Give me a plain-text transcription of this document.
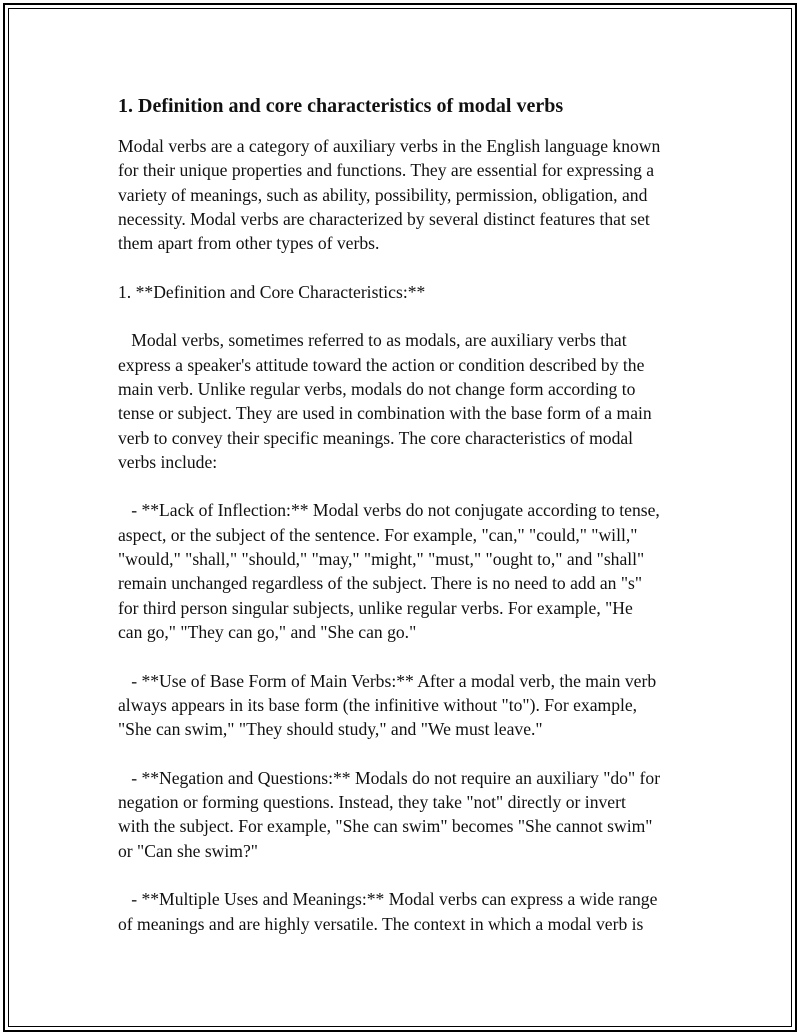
1. Definition and core characteristics of modal verbs

Modal verbs are a category of auxiliary verbs in the English language known
for their unique properties and functions. They are essential for expressing a
variety of meanings, such as ability, possibility, permission, obligation, and
necessity. Modal verbs are characterized by several distinct features that set
them apart from other types of verbs.

1. **Definition and Core Characteristics:**

Modal verbs, sometimes referred to as modals, are auxiliary verbs that
express a speaker's attitude toward the action or condition described by the
main verb. Unlike regular verbs, modals do not change form according to
tense or subject. They are used in combination with the base form of a main
verb to convey their specific meanings. The core characteristics of modal
verbs include:

- **Lack of Inflection:** Modal verbs do not conjugate according to tense,
aspect, or the subject of the sentence. For example, "can," "could," "will,"
"would," "shall," "should," "may," "might," "must," "ought to," and "shall"
remain unchanged regardless of the subject. There is no need to add an "s"
for third person singular subjects, unlike regular verbs. For example, "He
can go," "They can go," and "She can go."

- **Use of Base Form of Main Verbs:** After a modal verb, the main verb
always appears in its base form (the infinitive without "to"). For example,
"She can swim," "They should study," and "We must leave."

- **Negation and Questions:** Modals do not require an auxiliary "do" for
negation or forming questions. Instead, they take "not" directly or invert
with the subject. For example, "She can swim" becomes "She cannot swim"
or "Can she swim?"

- **Multiple Uses and Meanings:** Modal verbs can express a wide range
of meanings and are highly versatile. The context in which a modal verb is
